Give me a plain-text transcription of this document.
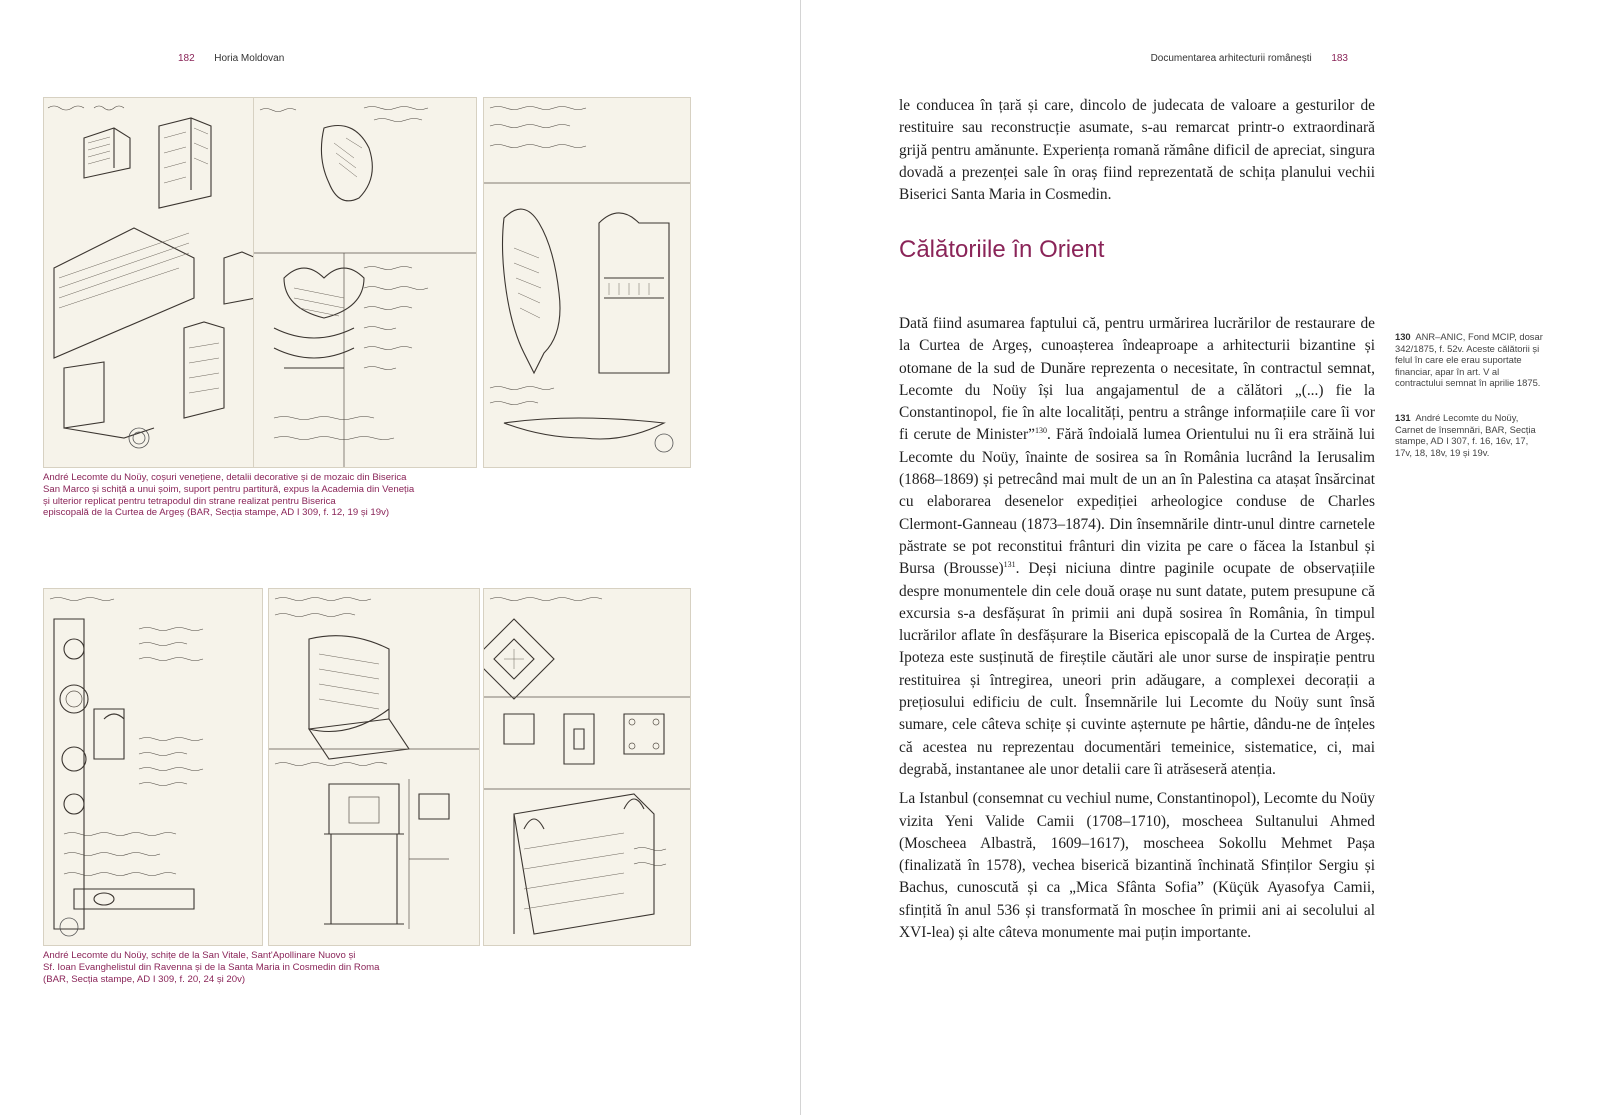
182 Horia Moldovan
André Lecomte du Noüy, coșuri venețiene, detalii decorative și de mozaic din Biserica
San Marco și schiță a unui șoim, suport pentru partitură, expus la Academia din Veneția
și ulterior replicat pentru tetrapodul din strane realizat pentru Biserica
episcopală de la Curtea de Argeș (BAR, Secția stampe, AD I 309, f. 12, 19 și 19v)
André Lecomte du Noüy, schițe de la San Vitale, Sant'Apollinare Nuovo și
Sf. Ioan Evanghelistul din Ravenna și de la Santa Maria in Cosmedin din Roma
(BAR, Secția stampe, AD I 309, f. 20, 24 și 20v)
Documentarea arhitecturii românești 183

le conducea în țară și care, dincolo de judecata de valoare a gesturilor de restituire sau reconstrucție asumate, s-au remarcat printr-o extraordinară grijă pentru amănunte. Experiența romană rămâne dificil de apreciat, singura dovadă a prezenței sale în oraș fiind reprezentată de schița planului vechii Biserici Santa Maria in Cosmedin.

Călătoriile în Orient

Dată fiind asumarea faptului că, pentru urmărirea lucrărilor de restaurare de la Curtea de Argeș, cunoașterea îndeaproape a arhitecturii bizantine și otomane de la sud de Dunăre reprezenta o necesitate, în contractul semnat, Lecomte du Noüy își lua angajamentul de a călători „(...) fie la Constantinopol, fie în alte localități, pentru a strânge informațiile care îi vor fi cerute de Minister”$^{130}$. Fără îndoială lumea Orientului nu îi era străină lui Lecomte du Noüy, înainte de sosirea sa în România lucrând la Ierusalim (1868–1869) și petrecând mai mult de un an în Palestina ca atașat însărcinat cu elaborarea desenelor expediției arheologice conduse de Charles Clermont-Ganneau (1873–1874). Din însemnările dintr-unul dintre carnetele păstrate se pot reconstitui frânturi din vizita pe care o făcea la Istanbul și Bursa (Brousse)$^{131}$. Deși niciuna dintre paginile ocupate de observațiile despre monumentele din cele două orașe nu sunt datate, putem presupune că excursia s-a desfășurat în primii ani după sosirea în România, în timpul lucrărilor aflate în desfășurare la Biserica episcopală de la Curtea de Argeș. Ipoteza este susținută de fireștile căutări ale unor surse de inspirație pentru restituirea și întregirea, uneori prin adăugare, a complexei decorații a prețiosului edificiu de cult. Însemnările lui Lecomte du Noüy sunt însă sumare, cele câteva schițe și cuvinte așternute pe hârtie, dându-ne de înțeles că acestea nu reprezentau documentări temeinice, sistematice, ci, mai degrabă, instantanee ale unor detalii care îi atrăseseră atenția.

La Istanbul (consemnat cu vechiul nume, Constantinopol), Lecomte du Noüy vizita Yeni Valide Camii (1708–1710), moscheea Sultanului Ahmed (Moscheea Albastră, 1609–1617), moscheea Sokollu Mehmet Pașa (finalizată în 1578), vechea biserică bizantină închinată Sfinților Sergiu și Bachus, cunoscută și ca „Mica Sfânta Sofia” (Küçük Ayasofya Camii, sfințită în anul 536 și transformată în moschee în primii ani ai secolului al XVI-lea) și alte câteva monumente mai puțin importante.

130 ANR–ANIC, Fond MCIP, dosar 342/1875, f. 52v. Aceste călătorii și felul în care ele erau suportate financiar, apar în art. V al contractului semnat în aprilie 1875.
131 André Lecomte du Noüy, Carnet de însemnări, BAR, Secția stampe, AD I 307, f. 16, 16v, 17, 17v, 18, 18v, 19 și 19v.
